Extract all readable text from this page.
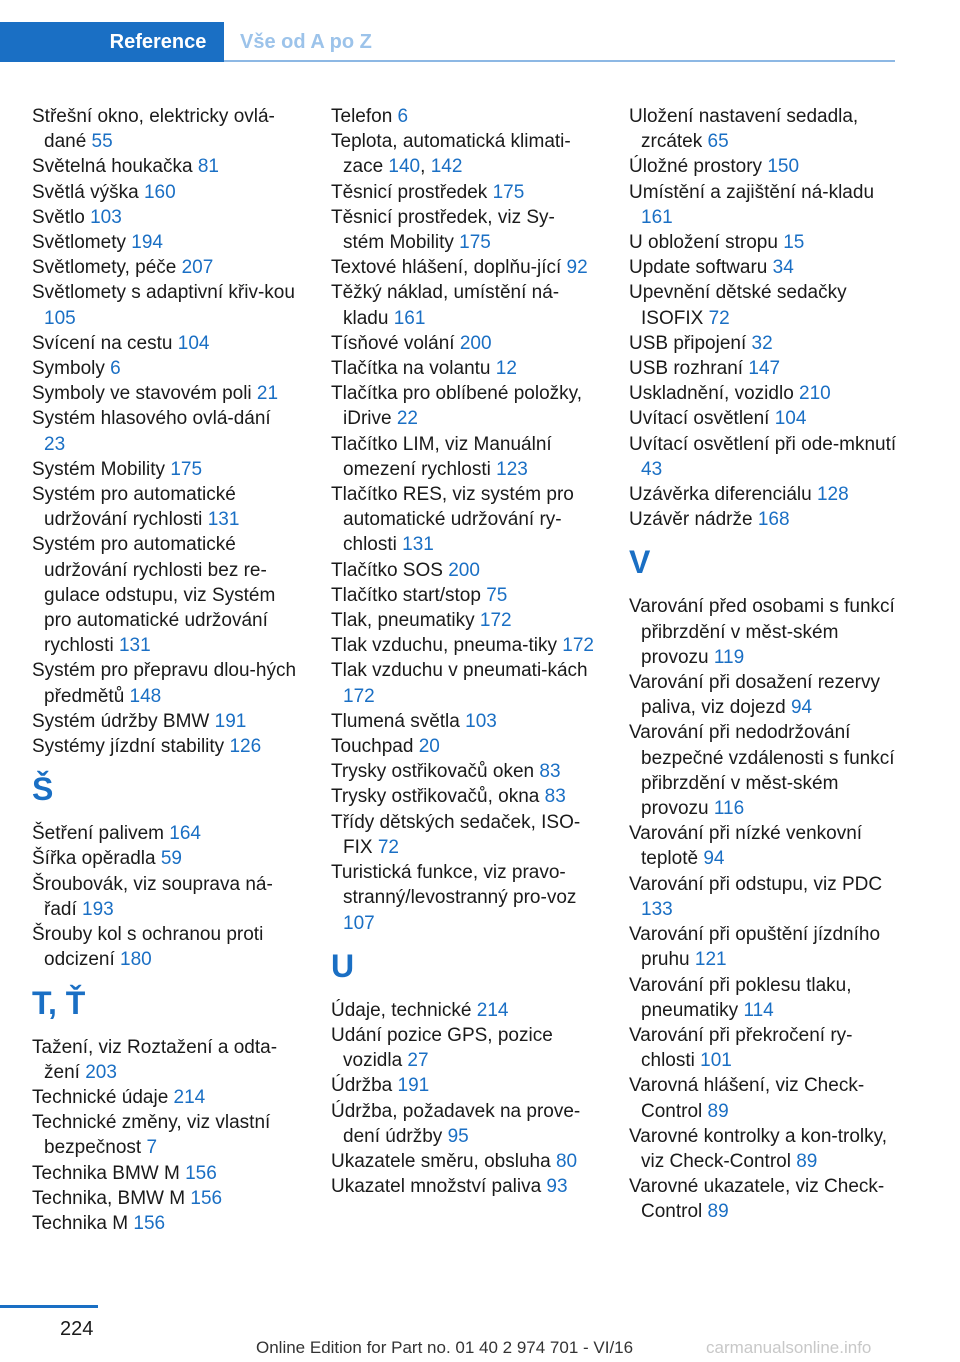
Reference	Vše od A po Z
Střešní okno, elektricky ovlá‐dané 55
Světelná houkačka 81
Světlá výška 160
Světlo 103
Světlomety 194
Světlomety, péče 207
Světlomety s adaptivní křiv‐kou 105
Svícení na cestu 104
Symboly 6
Symboly ve stavovém poli 21
Systém hlasového ovlá‐dání 23
Systém Mobility 175
Systém pro automatické udržování rychlosti 131
Systém pro automatické udržování rychlosti bez re‐gulace odstupu, viz Systém pro automatické udržování rychlosti 131
Systém pro přepravu dlou‐hých předmětů 148
Systém údržby BMW 191
Systémy jízdní stability 126
Š
Šetření palivem 164
Šířka opěradla 59
Šroubovák, viz souprava ná‐řadí 193
Šrouby kol s ochranou proti odcizení 180
T, Ť
Tažení, viz Roztažení a odta‐žení 203
Technické údaje 214
Technické změny, viz vlastní bezpečnost 7
Technika BMW M 156
Technika, BMW M 156
Technika M 156
Telefon 6
Teplota, automatická klimati‐zace 140, 142
Těsnicí prostředek 175
Těsnicí prostředek, viz Sy‐stém Mobility 175
Textové hlášení, doplňu‐jící 92
Těžký náklad, umístění ná‐kladu 161
Tísňové volání 200
Tlačítka na volantu 12
Tlačítka pro oblíbené položky, iDrive 22
Tlačítko LIM, viz Manuální omezení rychlosti 123
Tlačítko RES, viz systém pro automatické udržování ry‐chlosti 131
Tlačítko SOS 200
Tlačítko start/stop 75
Tlak, pneumatiky 172
Tlak vzduchu, pneuma‐tiky 172
Tlak vzduchu v pneumati‐kách 172
Tlumená světla 103
Touchpad 20
Trysky ostřikovačů oken 83
Trysky ostřikovačů, okna 83
Třídy dětských sedaček, ISO‐FIX 72
Turistická funkce, viz pravo‐stranný/levostranný pro‐voz 107
U
Údaje, technické 214
Udání pozice GPS, pozice vozidla 27
Údržba 191
Údržba, požadavek na prove‐dení údržby 95
Ukazatele směru, obsluha 80
Ukazatel množství paliva 93
Uložení nastavení sedadla, zrcátek 65
Úložné prostory 150
Umístění a zajištění ná‐kladu 161
U obložení stropu 15
Update softwaru 34
Upevnění dětské sedačky ISOFIX 72
USB připojení 32
USB rozhraní 147
Uskladnění, vozidlo 210
Uvítací osvětlení 104
Uvítací osvětlení při ode‐mknutí 43
Uzávěrka diferenciálu 128
Uzávěr nádrže 168
V
Varování před osobami s funkcí přibrzdění v měst‐ském provozu 119
Varování při dosažení rezervy paliva, viz dojezd 94
Varování při nedodržování bezpečné vzdálenosti s funkcí přibrzdění v měst‐ském provozu 116
Varování při nízké venkovní teplotě 94
Varování při odstupu, viz PDC 133
Varování při opuštění jízdního pruhu 121
Varování při poklesu tlaku, pneumatiky 114
Varování při překročení ry‐chlosti 101
Varovná hlášení, viz Check-Control 89
Varovné kontrolky a kon‐trolky, viz Check-Control 89
Varovné ukazatele, viz Check-Control 89
224
Online Edition for Part no. 01 40 2 974 701 - VI/16	carmanualsonline.info
